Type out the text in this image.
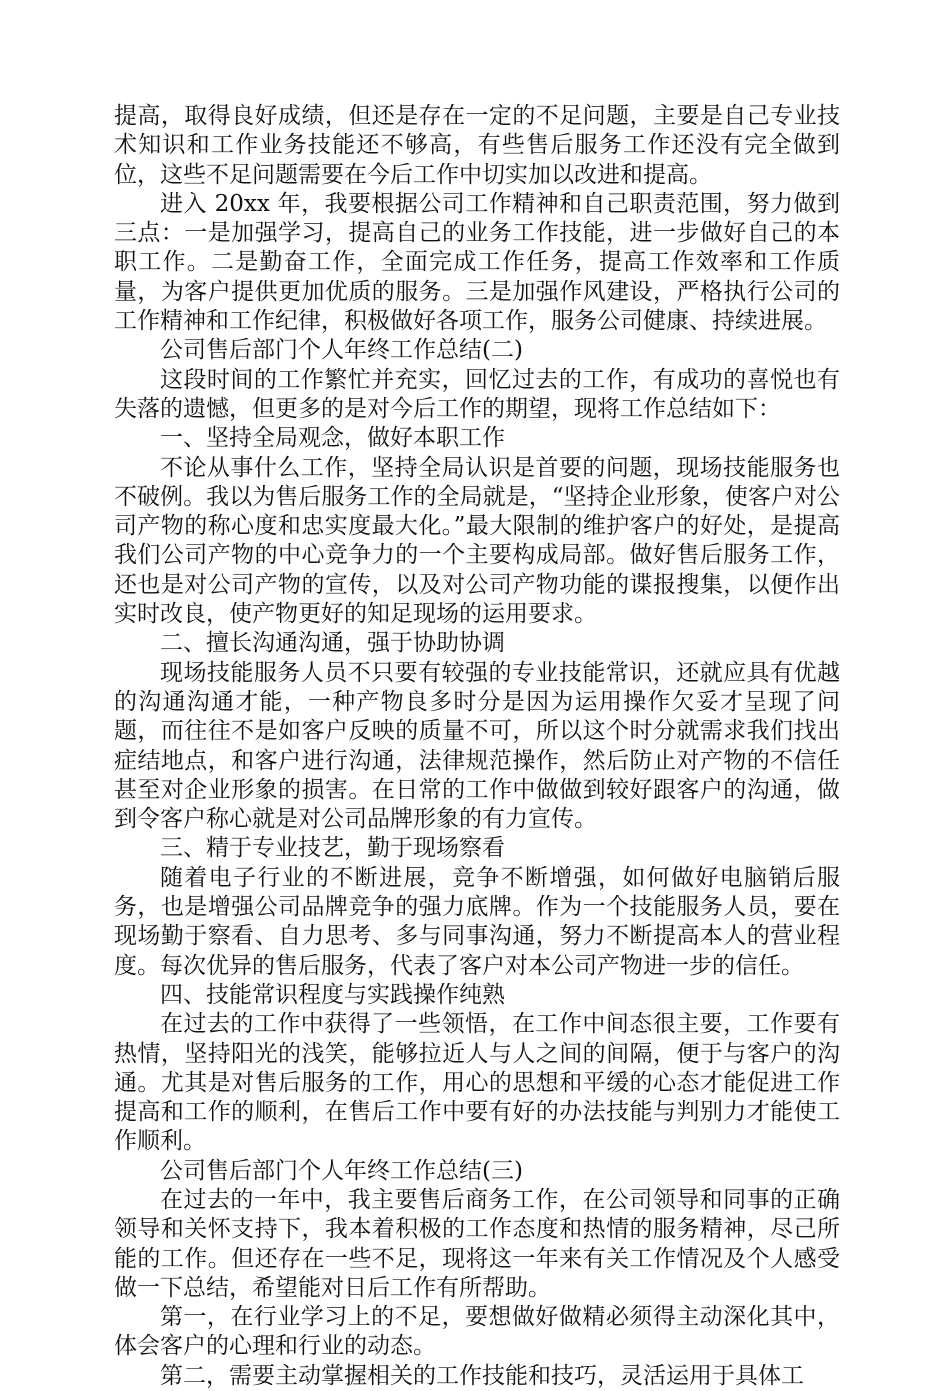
提高，取得良好成绩，但还是存在一定的不足问题，主要是自己专业技术知识和工作业务技能还不够高，有些售后服务工作还没有完全做到位，这些不足问题需要在今后工作中切实加以改进和提高。

进入 20xx 年，我要根据公司工作精神和自己职责范围，努力做到三点：一是加强学习，提高自己的业务工作技能，进一步做好自己的本职工作。二是勤奋工作，全面完成工作任务，提高工作效率和工作质量，为客户提供更加优质的服务。三是加强作风建设，严格执行公司的工作精神和工作纪律，积极做好各项工作，服务公司健康、持续进展。

公司售后部门个人年终工作总结(二)

这段时间的工作繁忙并充实，回忆过去的工作，有成功的喜悦也有失落的遗憾，但更多的是对今后工作的期望，现将工作总结如下：

一、坚持全局观念，做好本职工作

不论从事什么工作，坚持全局认识是首要的问题，现场技能服务也不破例。我以为售后服务工作的全局就是，“坚持企业形象，使客户对公司产物的称心度和忠实度最大化。”最大限制的维护客户的好处，是提高我们公司产物的中心竞争力的一个主要构成局部。做好售后服务工作，还也是对公司产物的宣传，以及对公司产物功能的谍报搜集，以便作出实时改良，使产物更好的知足现场的运用要求。

二、擅长沟通沟通，强于协助协调

现场技能服务人员不只要有较强的专业技能常识，还就应具有优越的沟通沟通才能，一种产物良多时分是因为运用操作欠妥才呈现了问题，而往往不是如客户反映的质量不可，所以这个时分就需求我们找出症结地点，和客户进行沟通，法律规范操作，然后防止对产物的不信任甚至对企业形象的损害。在日常的工作中做做到较好跟客户的沟通，做到令客户称心就是对公司品牌形象的有力宣传。

三、精于专业技艺，勤于现场察看

随着电子行业的不断进展，竞争不断增强，如何做好电脑销后服务，也是增强公司品牌竞争的强力底牌。作为一个技能服务人员，要在现场勤于察看、自力思考、多与同事沟通，努力不断提高本人的营业程度。每次优异的售后服务，代表了客户对本公司产物进一步的信任。

四、技能常识程度与实践操作纯熟

在过去的工作中获得了一些领悟，在工作中间态很主要，工作要有热情，坚持阳光的浅笑，能够拉近人与人之间的间隔，便于与客户的沟通。尤其是对售后服务的工作，用心的思想和平缓的心态才能促进工作提高和工作的顺利，在售后工作中要有好的办法技能与判别力才能使工作顺利。

公司售后部门个人年终工作总结(三)

在过去的一年中，我主要售后商务工作，在公司领导和同事的正确领导和关怀支持下，我本着积极的工作态度和热情的服务精神，尽己所能的工作。但还存在一些不足，现将这一年来有关工作情况及个人感受做一下总结，希望能对日后工作有所帮助。

第一，在行业学习上的不足，要想做好做精必须得主动深化其中，体会客户的心理和行业的动态。

第二，需要主动掌握相关的工作技能和技巧，灵活运用于具体工
